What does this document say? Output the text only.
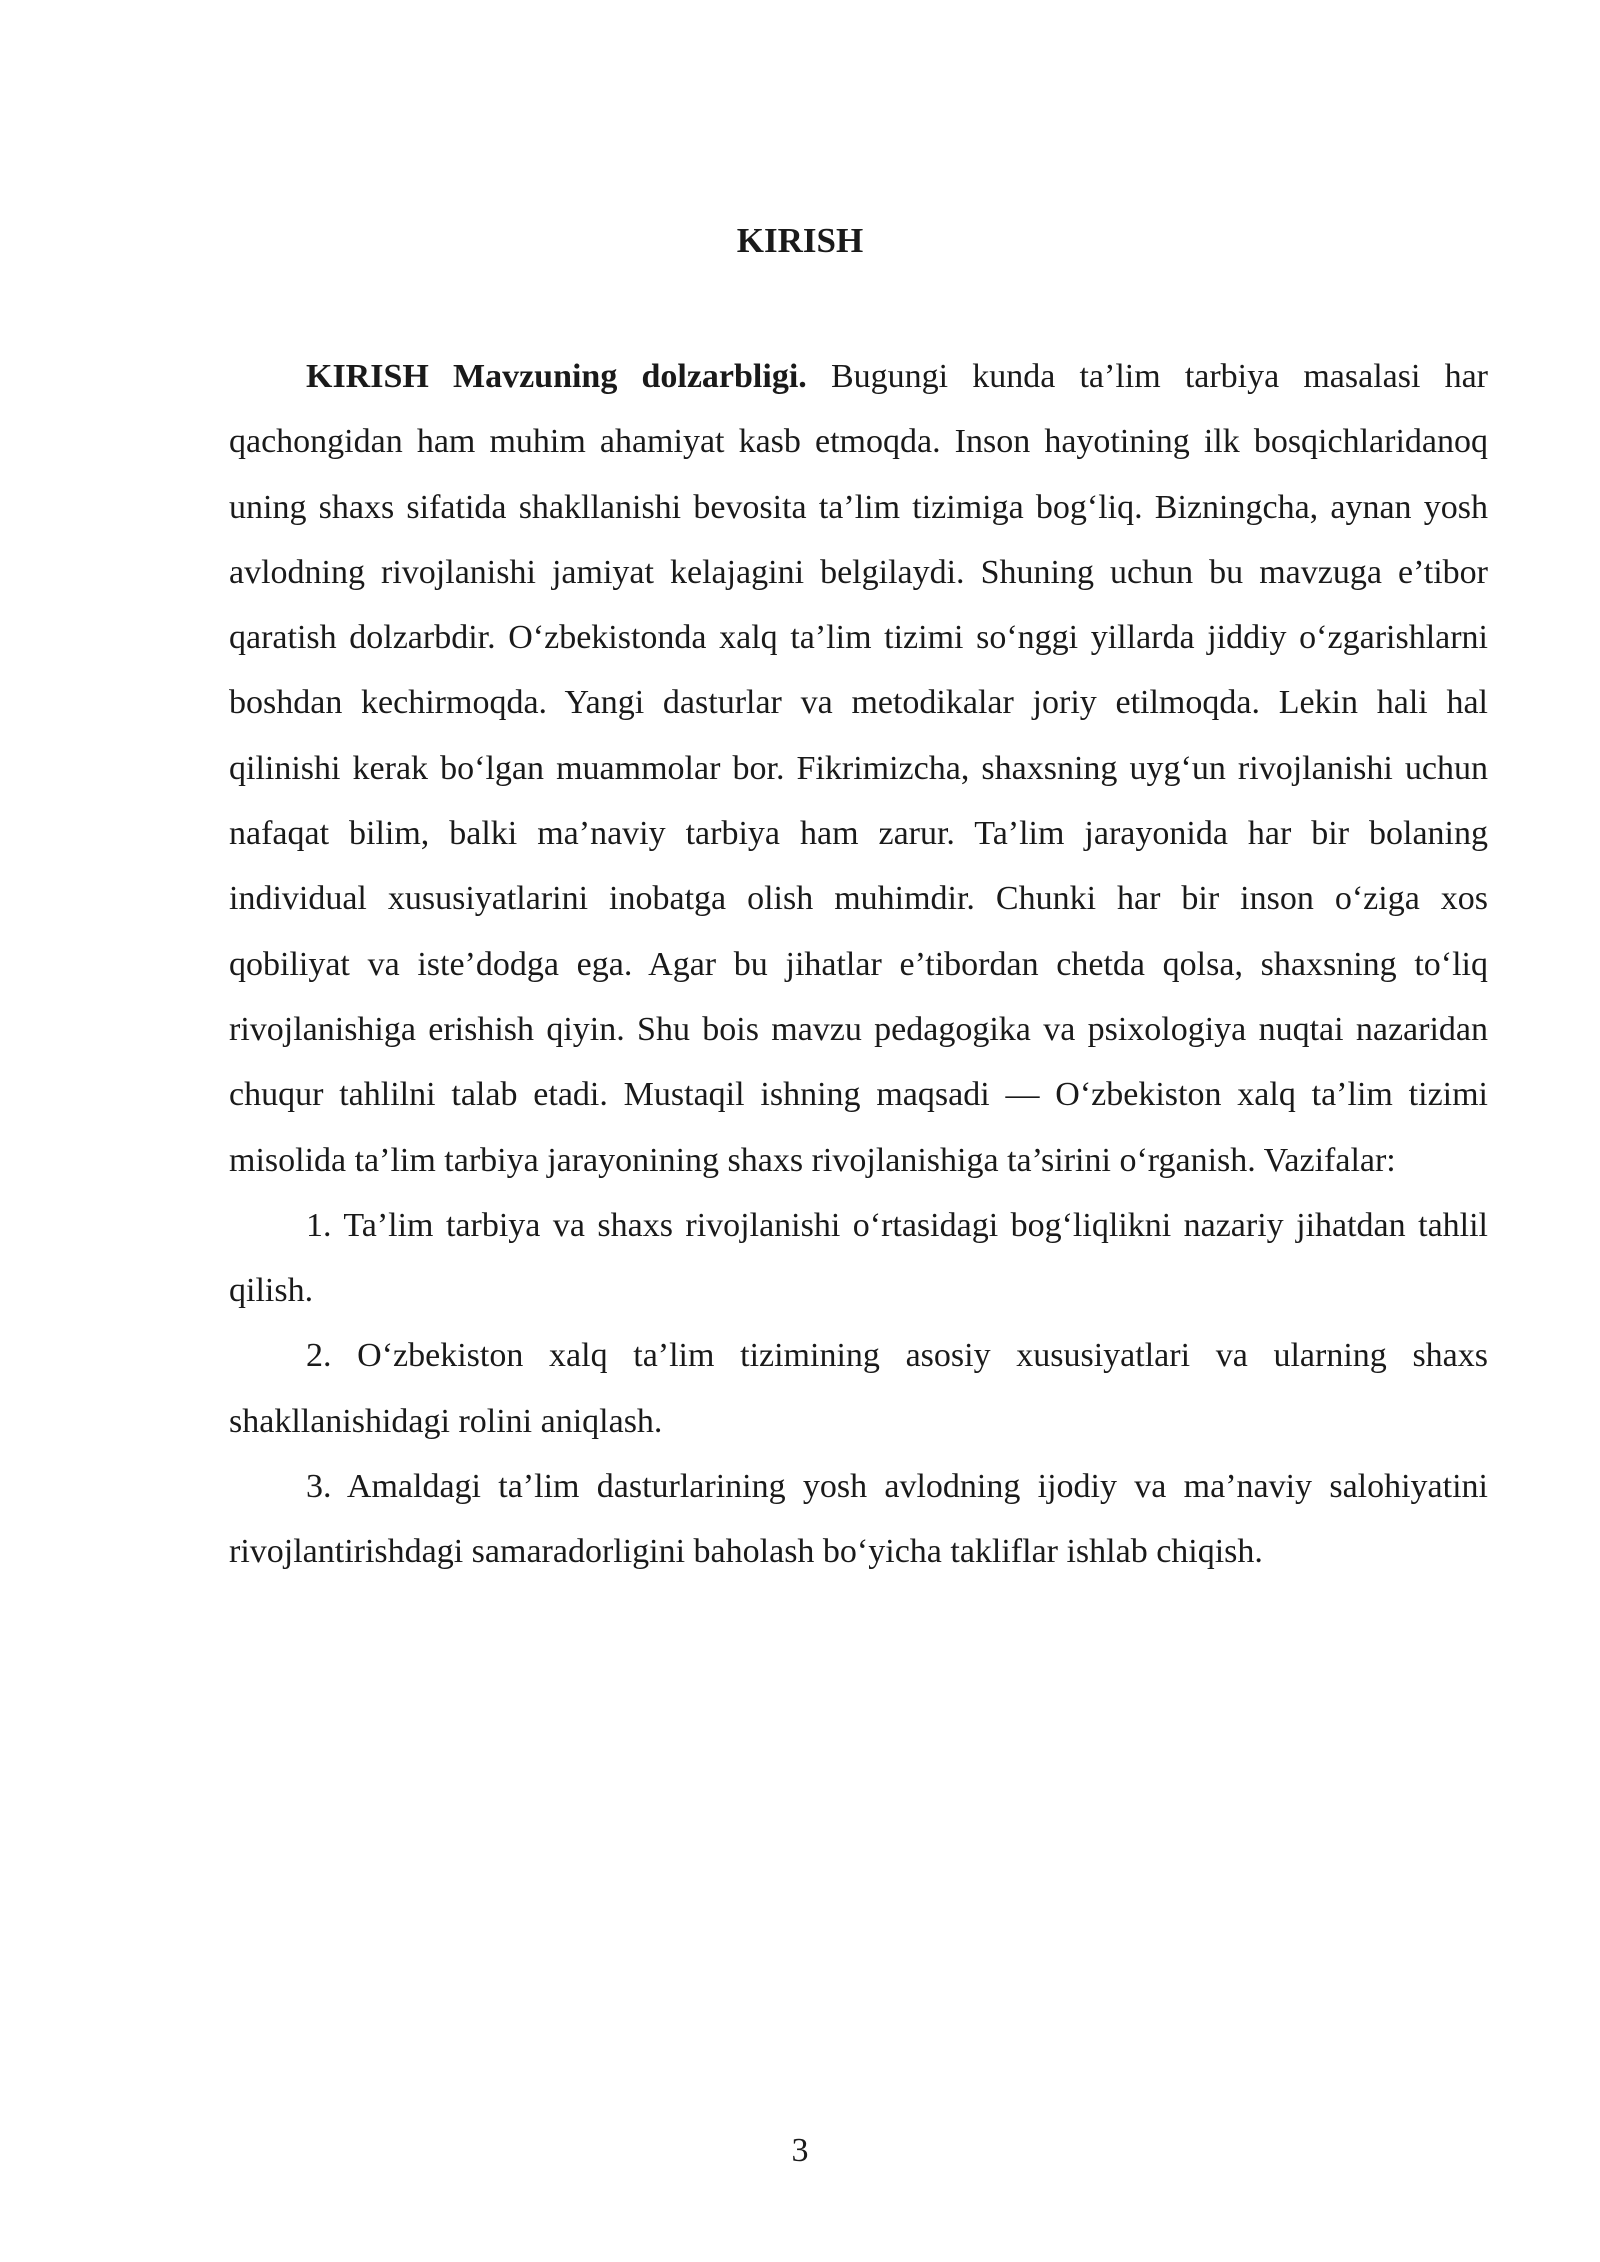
KIRISH

KIRISH Mavzuning dolzarbligi. Bugungi kunda ta’lim tarbiya masalasi har qachongidan ham muhim ahamiyat kasb etmoqda. Inson hayotining ilk bosqichlaridanoq uning shaxs sifatida shakllanishi bevosita ta’lim tizimiga bog‘liq. Bizningcha, aynan yosh avlodning rivojlanishi jamiyat kelajagini belgilaydi. Shuning uchun bu mavzuga e’tibor qaratish dolzarbdir. O‘zbekistonda xalq ta’lim tizimi so‘nggi yillarda jiddiy o‘zgarishlarni boshdan kechirmoqda. Yangi dasturlar va metodikalar joriy etilmoqda. Lekin hali hal qilinishi kerak bo‘lgan muammolar bor. Fikrimizcha, shaxsning uyg‘un rivojlanishi uchun nafaqat bilim, balki ma’naviy tarbiya ham zarur. Ta’lim jarayonida har bir bolaning individual xususiyatlarini inobatga olish muhimdir. Chunki har bir inson o‘ziga xos qobiliyat va iste’dodga ega. Agar bu jihatlar e’tibordan chetda qolsa, shaxsning to‘liq rivojlanishiga erishish qiyin. Shu bois mavzu pedagogika va psixologiya nuqtai nazaridan chuqur tahlilni talab etadi. Mustaqil ishning maqsadi — O‘zbekiston xalq ta’lim tizimi misolida ta’lim tarbiya jarayonining shaxs rivojlanishiga ta’sirini o‘rganish. Vazifalar:

1. Ta’lim tarbiya va shaxs rivojlanishi o‘rtasidagi bog‘liqlikni nazariy jihatdan tahlil qilish.

2. O‘zbekiston xalq ta’lim tizimining asosiy xususiyatlari va ularning shaxs shakllanishidagi rolini aniqlash.

3. Amaldagi ta’lim dasturlarining yosh avlodning ijodiy va ma’naviy salohiyatini rivojlantirishdagi samaradorligini baholash bo‘yicha takliflar ishlab chiqish.

3
